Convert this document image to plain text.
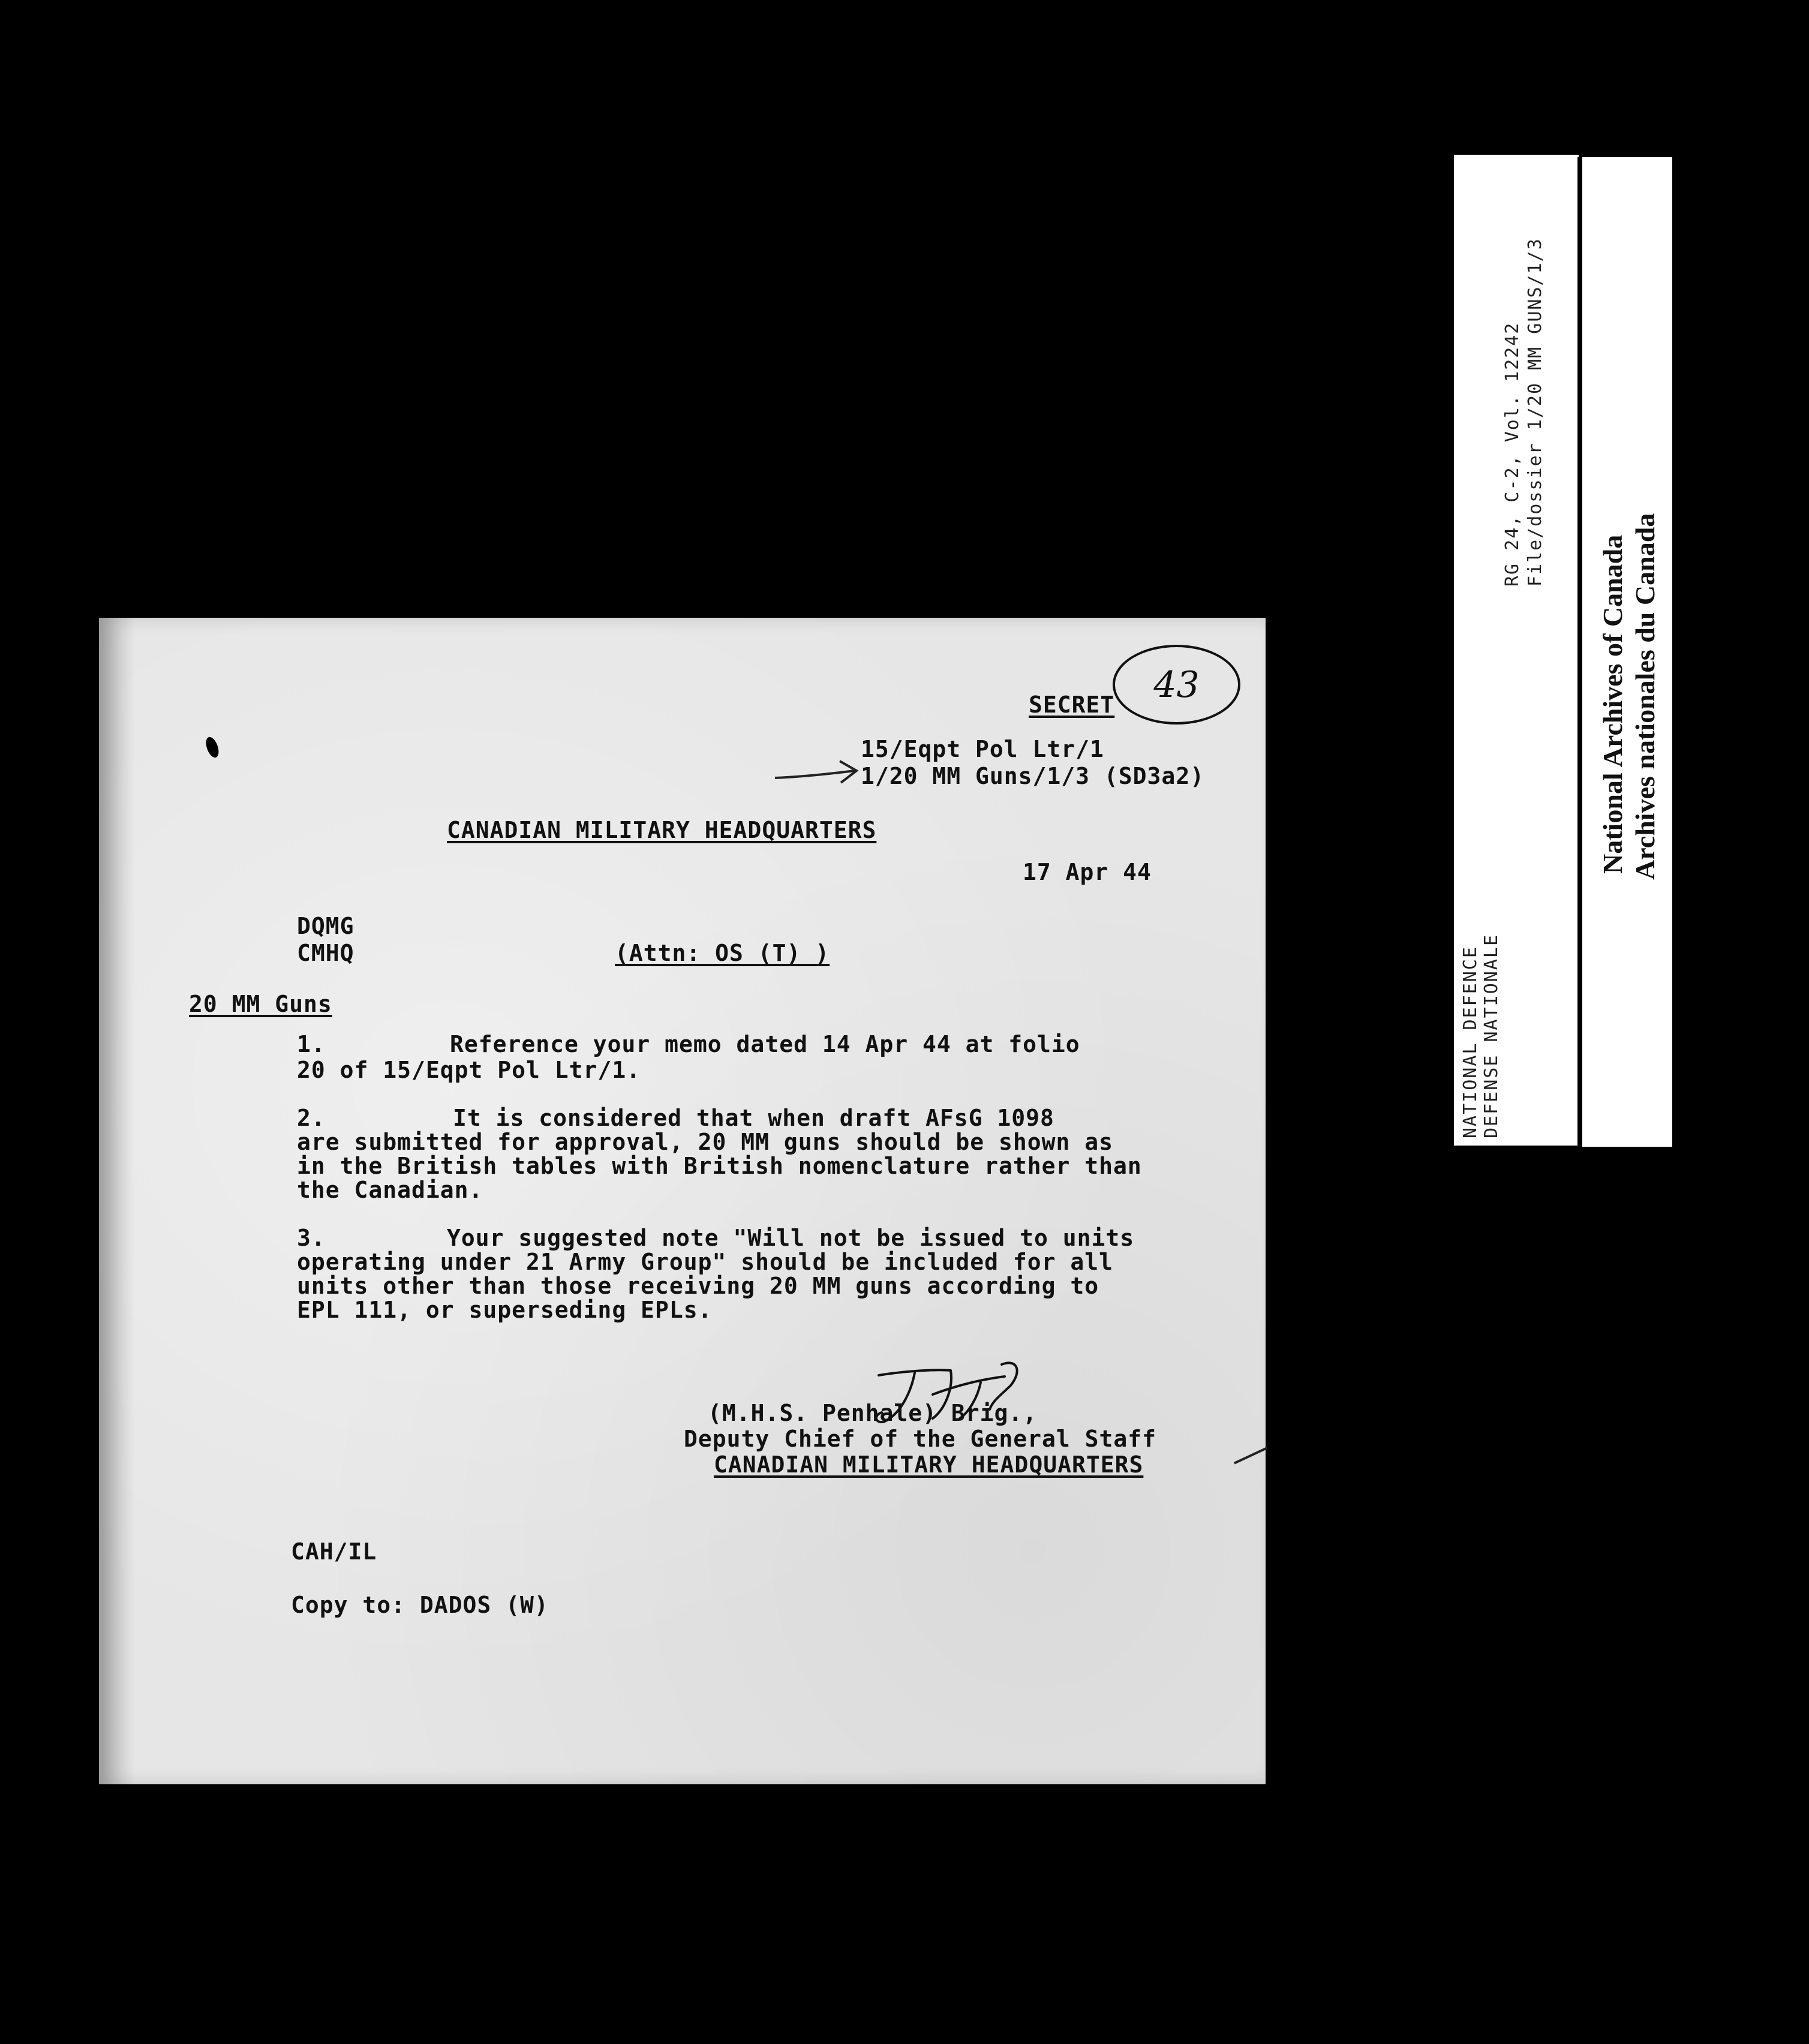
SECRET	43
15/Eqpt Pol Ltr/1
1/20 MM Guns/1/3 (SD3a2)
CANADIAN MILITARY HEADQUARTERS
17 Apr 44
DQMG
CMHQ	(Attn: OS (T) )
20 MM Guns
1.	Reference your memo dated 14 Apr 44 at folio
20 of 15/Eqpt Pol Ltr/1.
2.	It is considered that when draft AFsG 1098
are submitted for approval, 20 MM guns should be shown as
in the British tables with British nomenclature rather than
the Canadian.
3.	Your suggested note "Will not be issued to units
operating under 21 Army Group" should be included for all
units other than those receiving 20 MM guns according to
EPL 111, or superseding EPLs.
(M.H.S. Penhale) Brig.,
Deputy Chief of the General Staff
CANADIAN MILITARY HEADQUARTERS
CAH/IL
Copy to: DADOS (W)
RG 24, C-2, Vol. 12242 File/dossier 1/20 MM GUNS/1/3
NATIONAL DEFENCE DEFENSE NATIONALE
National Archives of Canada Archives nationales du Canada
